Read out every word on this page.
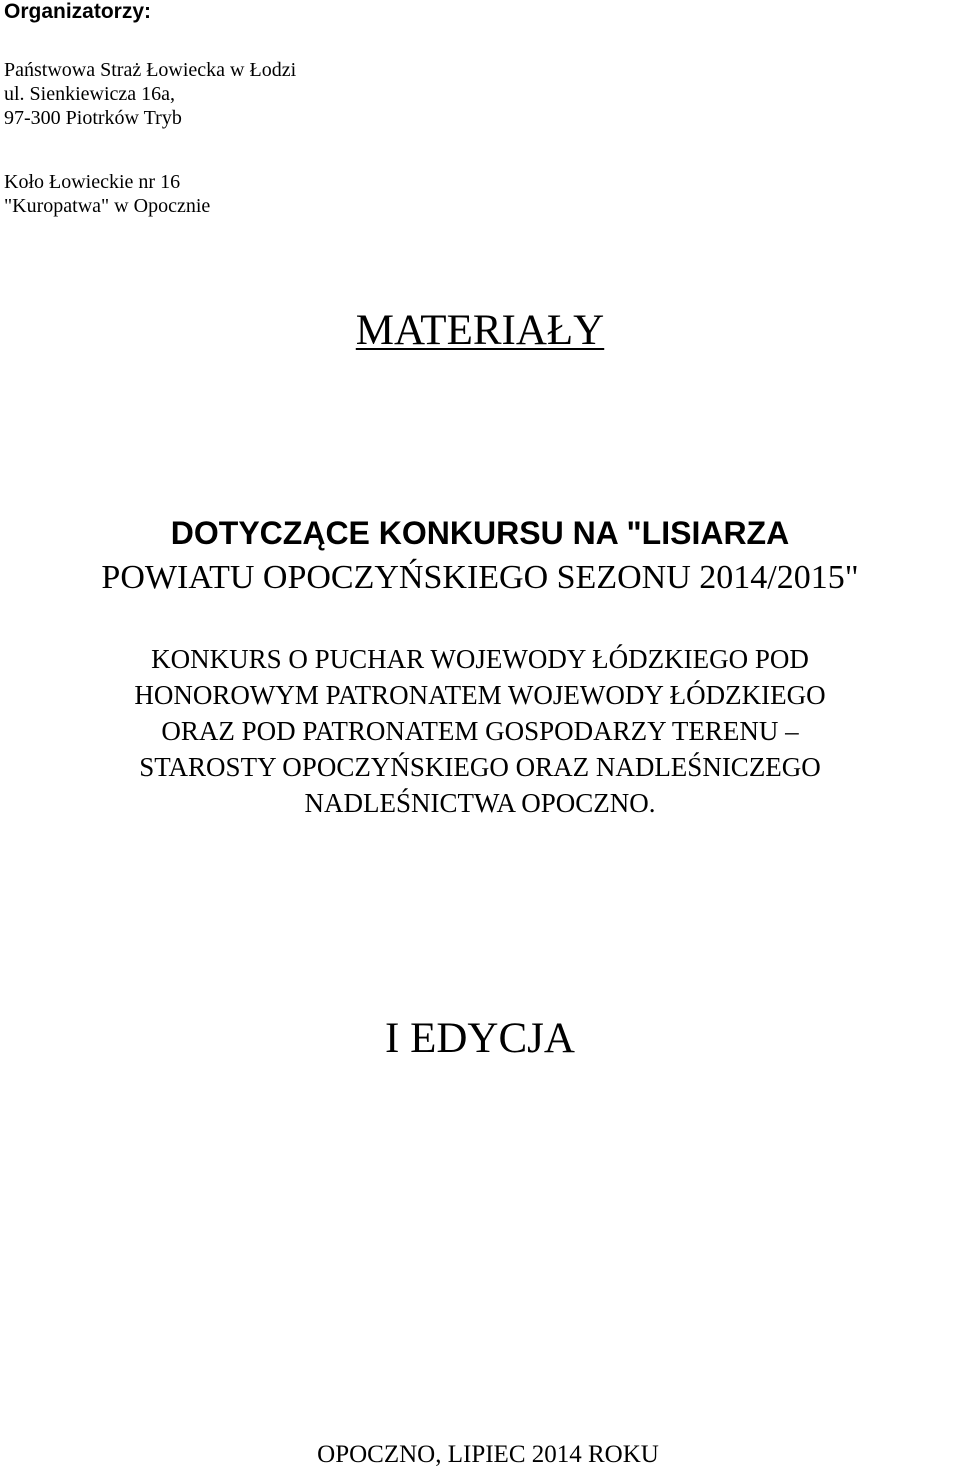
Organizatorzy:
Państwowa Straż Łowiecka w Łodzi
ul. Sienkiewicza 16a,
97-300 Piotrków Tryb
Koło Łowieckie nr 16
"Kuropatwa" w Opocznie
MATERIAŁY
DOTYCZĄCE KONKURSU NA "LISIARZA
POWIATU OPOCZYŃSKIEGO SEZONU 2014/2015"
KONKURS O PUCHAR WOJEWODY ŁÓDZKIEGO POD
HONOROWYM PATRONATEM WOJEWODY ŁÓDZKIEGO
ORAZ POD PATRONATEM GOSPODARZY TERENU –
STAROSTY OPOCZYŃSKIEGO ORAZ NADLEŚNICZEGO
NADLEŚNICTWA OPOCZNO.
I EDYCJA
OPOCZNO, LIPIEC 2014 ROKU
